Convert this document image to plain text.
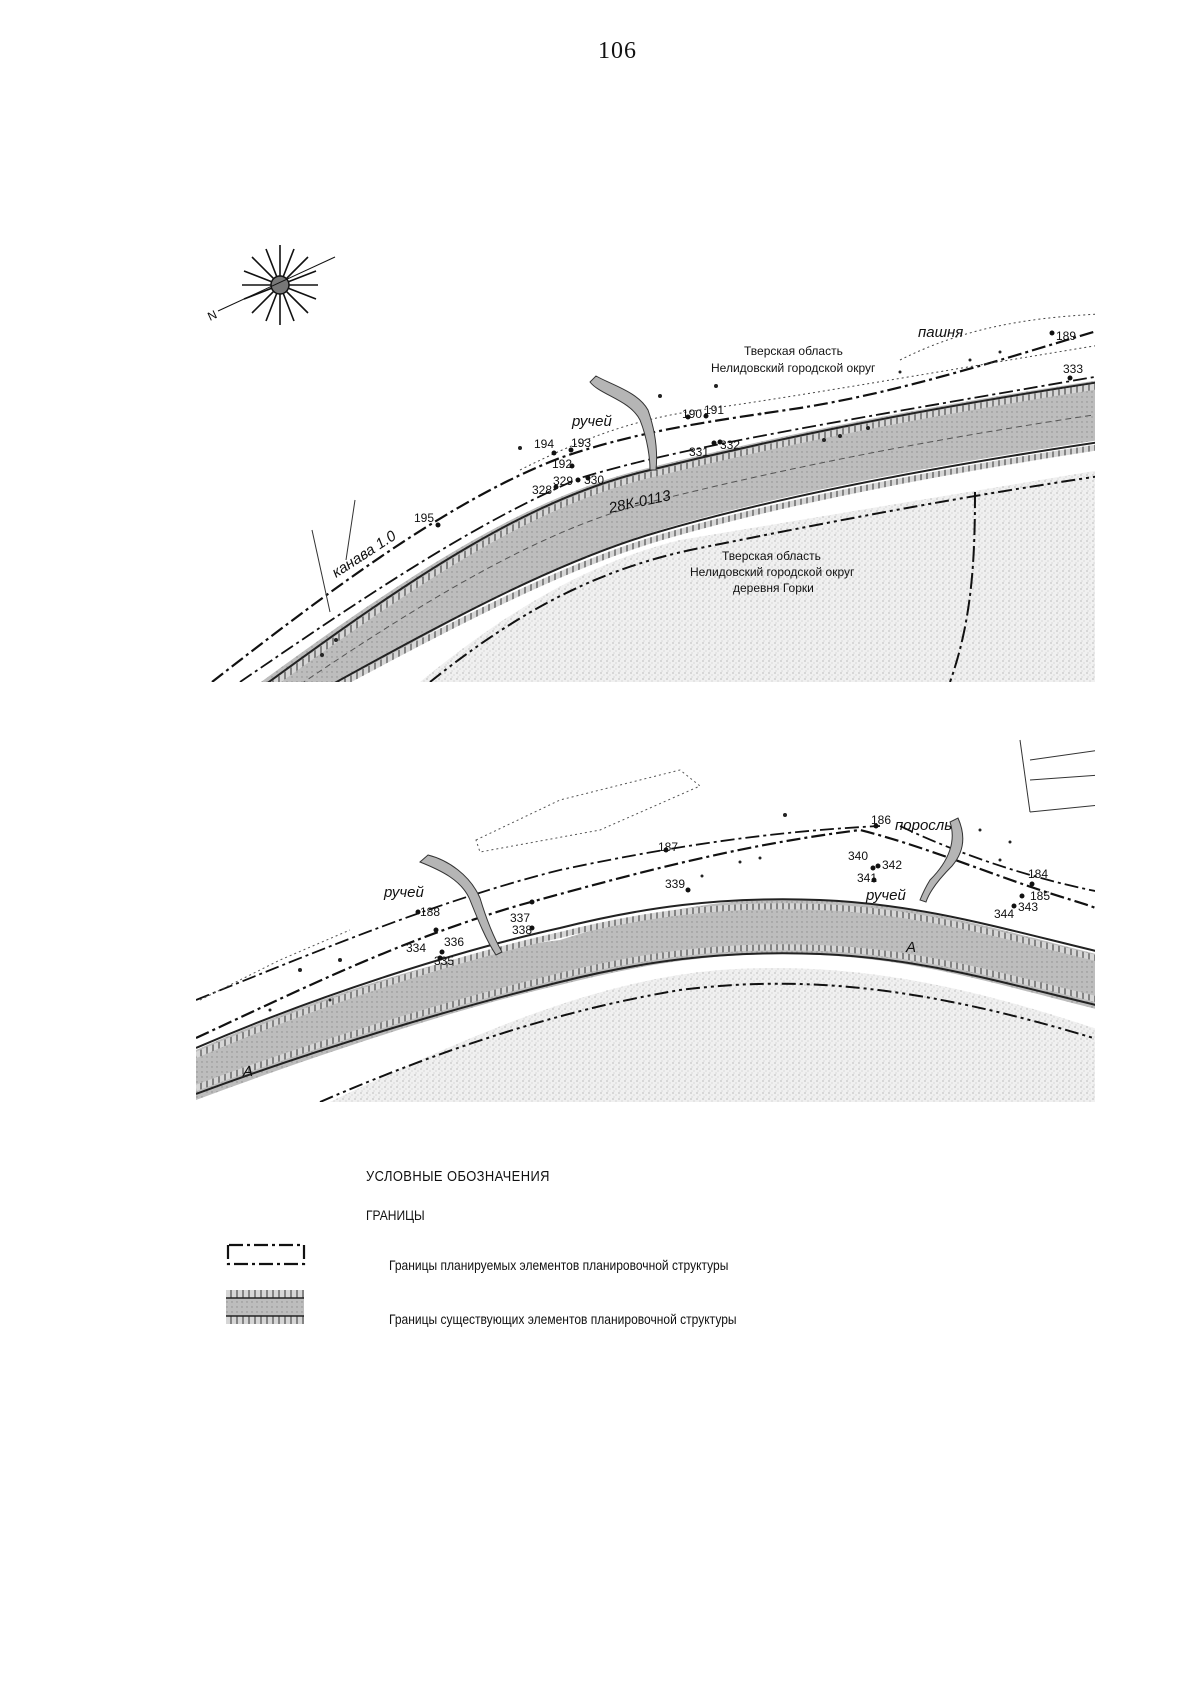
106
N
пашня
Тверская область
Нелидовский городской округ
ручей
28К-0113
Тверская область
Нелидовский городской округ
деревня Горки
канава 1.0
189
333
190 191
194 193
192
331 332
328
329 330
195
поросль
ручей	ручей
А
А
186
187
340
342
341
339
188	337
338
334 336
335
184
185
343
344
УСЛОВНЫЕ ОБОЗНАЧЕНИЯ
ГРАНИЦЫ
Границы планируемых элементов планировочной структуры
Границы существующих элементов планировочной структуры
